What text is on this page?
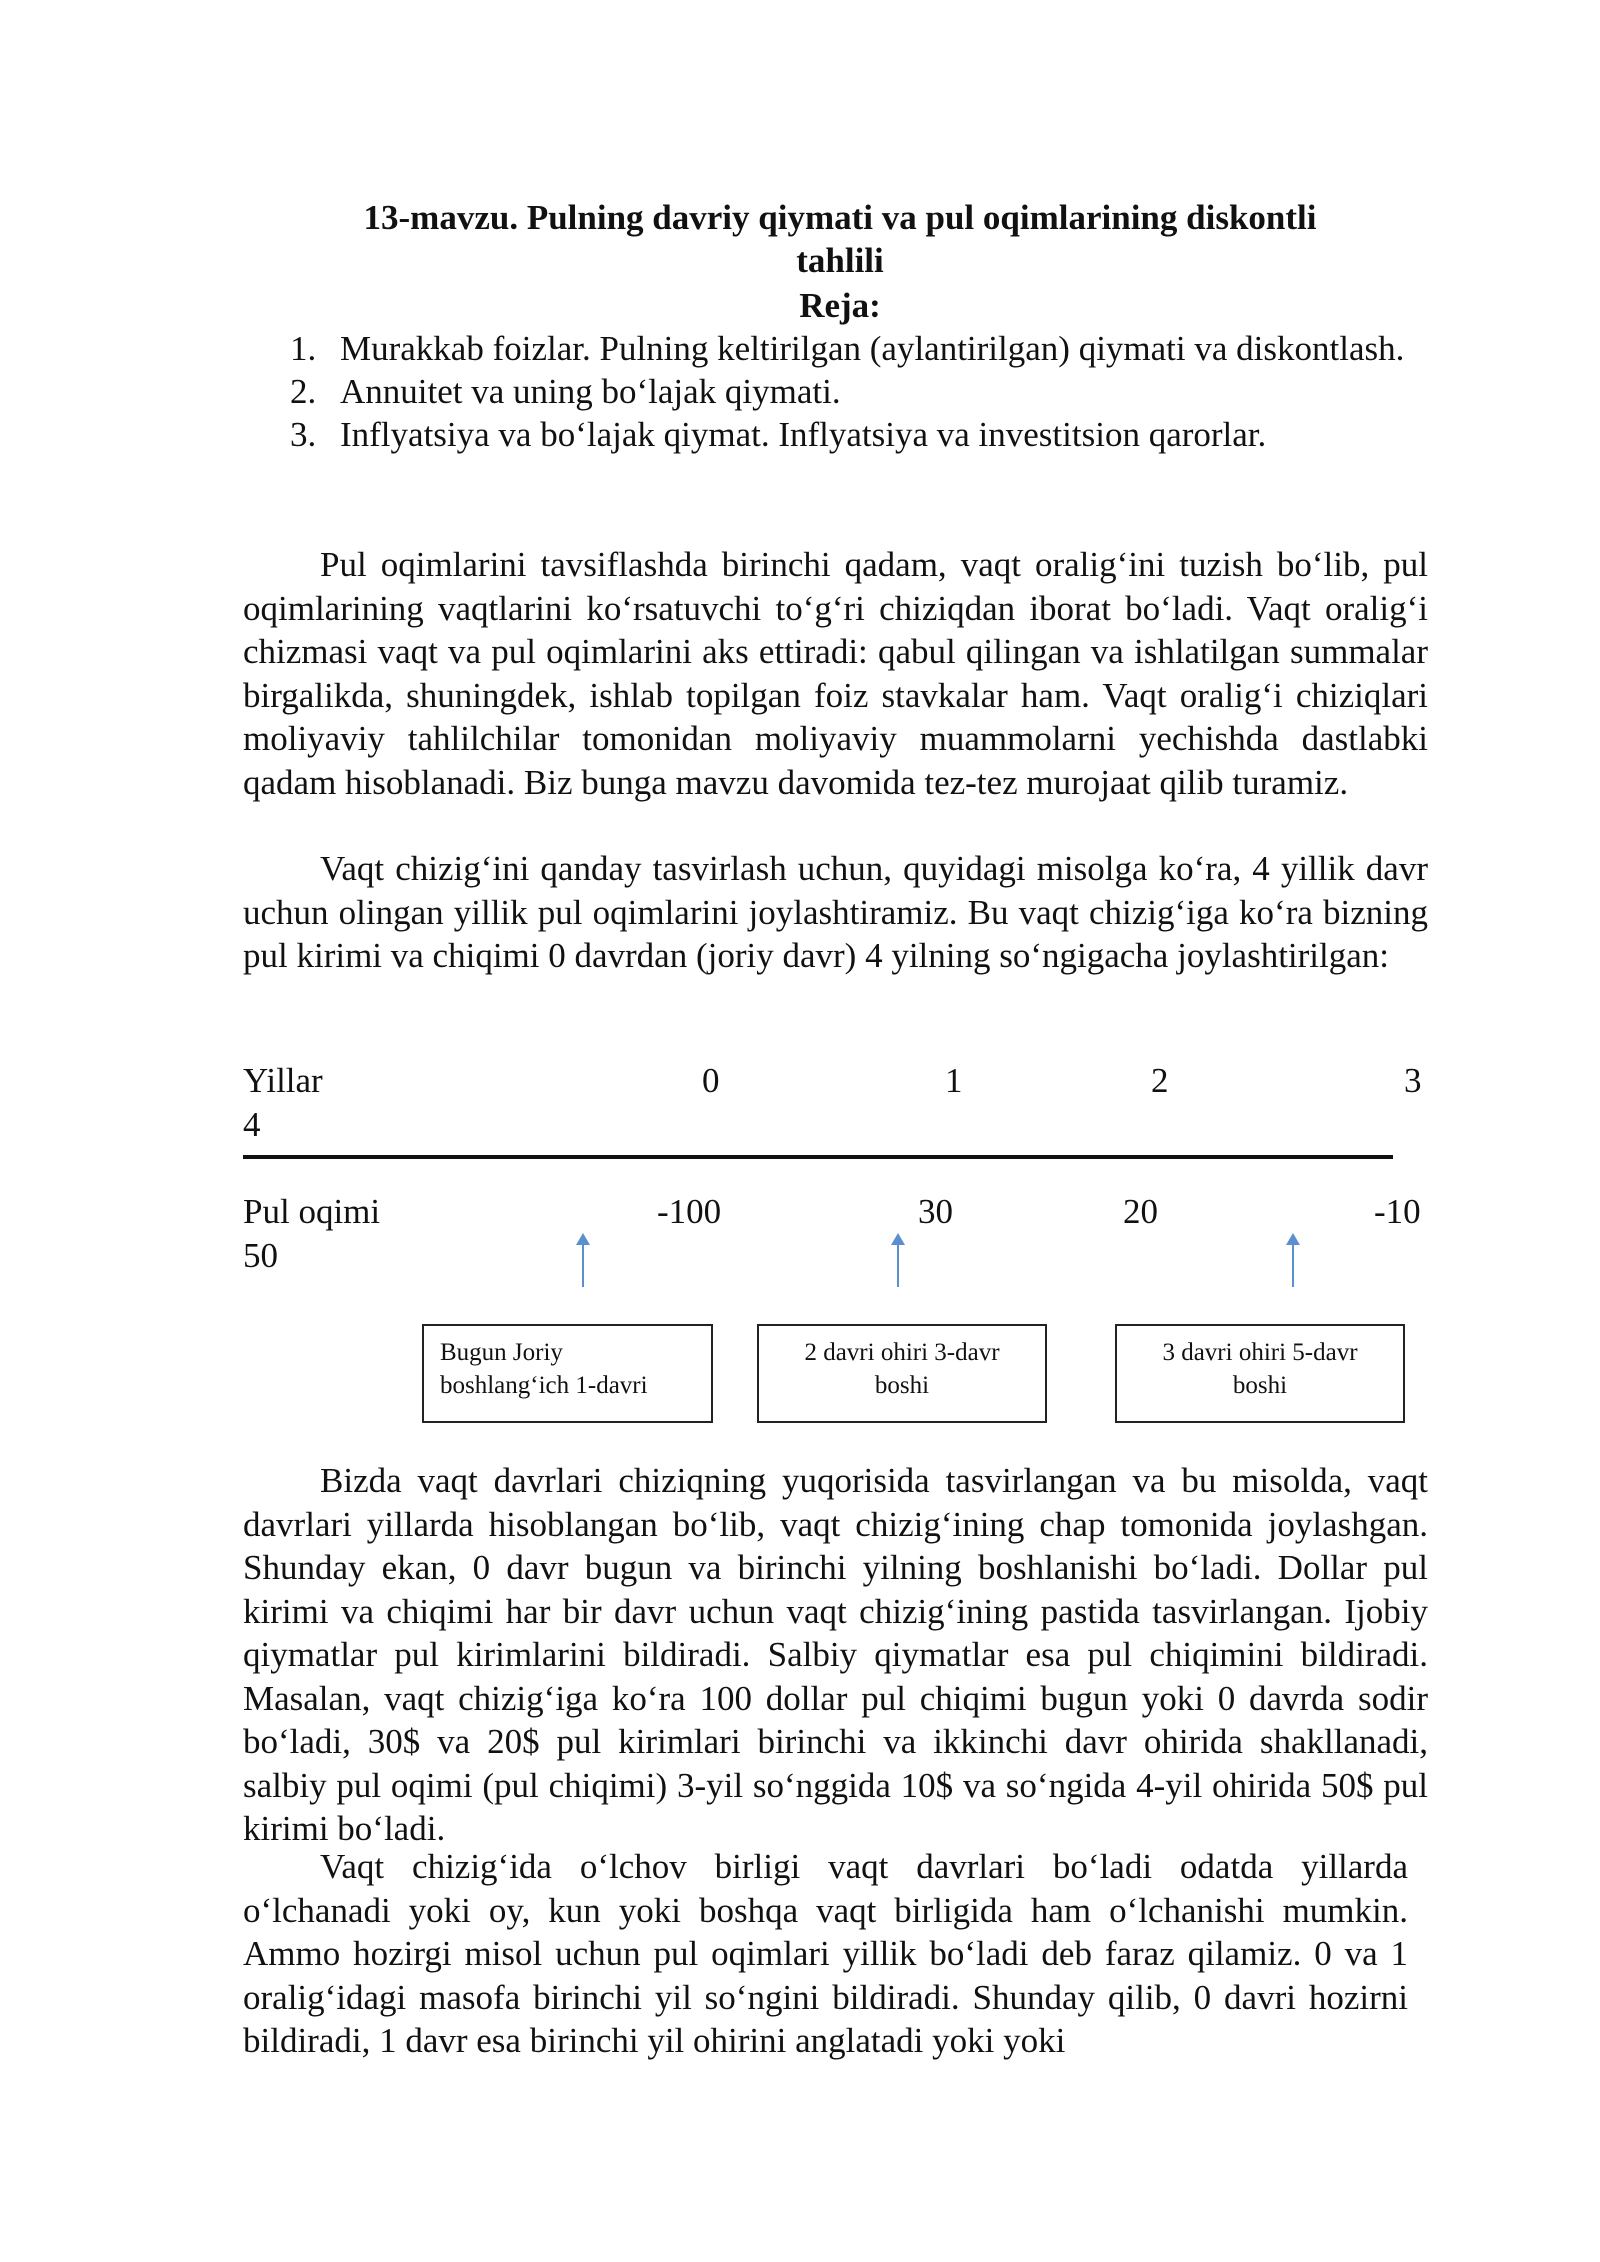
13-mavzu. Pulning davriy qiymati va pul oqimlarining diskontli
tahlili
Reja:
1. Murakkab foizlar. Pulning keltirilgan (aylantirilgan) qiymati va diskontlash.
2. Annuitet va uning bo‘lajak qiymati.
3. Inflyatsiya va bo‘lajak qiymat. Inflyatsiya va investitsion qarorlar.

Pul oqimlarini tavsiflashda birinchi qadam, vaqt oralig‘ini tuzish bo‘lib, pul oqimlarining vaqtlarini ko‘rsatuvchi to‘g‘ri chiziqdan iborat bo‘ladi. Vaqt oralig‘i chizmasi vaqt va pul oqimlarini aks ettiradi: qabul qilingan va ishlatilgan summalar birgalikda, shuningdek, ishlab topilgan foiz stavkalar ham. Vaqt oralig‘i chiziqlari moliyaviy tahlilchilar tomonidan moliyaviy muammolarni yechishda dastlabki qadam hisoblanadi. Biz bunga mavzu davomida tez-tez murojaat qilib turamiz.

Vaqt chizig‘ini qanday tasvirlash uchun, quyidagi misolga ko‘ra, 4 yillik davr uchun olingan yillik pul oqimlarini joylashtiramiz. Bu vaqt chizig‘iga ko‘ra bizning pul kirimi va chiqimi 0 davrdan (joriy davr) 4 yilning so‘ngigacha joylashtirilgan:

Yillar	0	1	2	3
4
Pul oqimi	-100	30	20	-10
50
Bugun Joriy
boshlang‘ich 1-davri
2 davri ohiri 3-davr
boshi
3 davri ohiri 5-davr
boshi

Bizda vaqt davrlari chiziqning yuqorisida tasvirlangan va bu misolda, vaqt davrlari yillarda hisoblangan bo‘lib, vaqt chizig‘ining chap tomonida joylashgan. Shunday ekan, 0 davr bugun va birinchi yilning boshlanishi bo‘ladi. Dollar pul kirimi va chiqimi har bir davr uchun vaqt chizig‘ining pastida tasvirlangan. Ijobiy qiymatlar pul kirimlarini bildiradi. Salbiy qiymatlar esa pul chiqimini bildiradi. Masalan, vaqt chizig‘iga ko‘ra 100 dollar pul chiqimi bugun yoki 0 davrda sodir bo‘ladi, 30$ va 20$ pul kirimlari birinchi va ikkinchi davr ohirida shakllanadi, salbiy pul oqimi (pul chiqimi) 3-yil so‘nggida 10$ va so‘ngida 4-yil ohirida 50$ pul kirimi bo‘ladi.

Vaqt chizig‘ida o‘lchov birligi vaqt davrlari bo‘ladi odatda yillarda o‘lchanadi yoki oy, kun yoki boshqa vaqt birligida ham o‘lchanishi mumkin. Ammo hozirgi misol uchun pul oqimlari yillik bo‘ladi deb faraz qilamiz. 0 va 1 oralig‘idagi masofa birinchi yil so‘ngini bildiradi. Shunday qilib, 0 davri hozirni bildiradi, 1 davr esa birinchi yil ohirini anglatadi yoki yoki
